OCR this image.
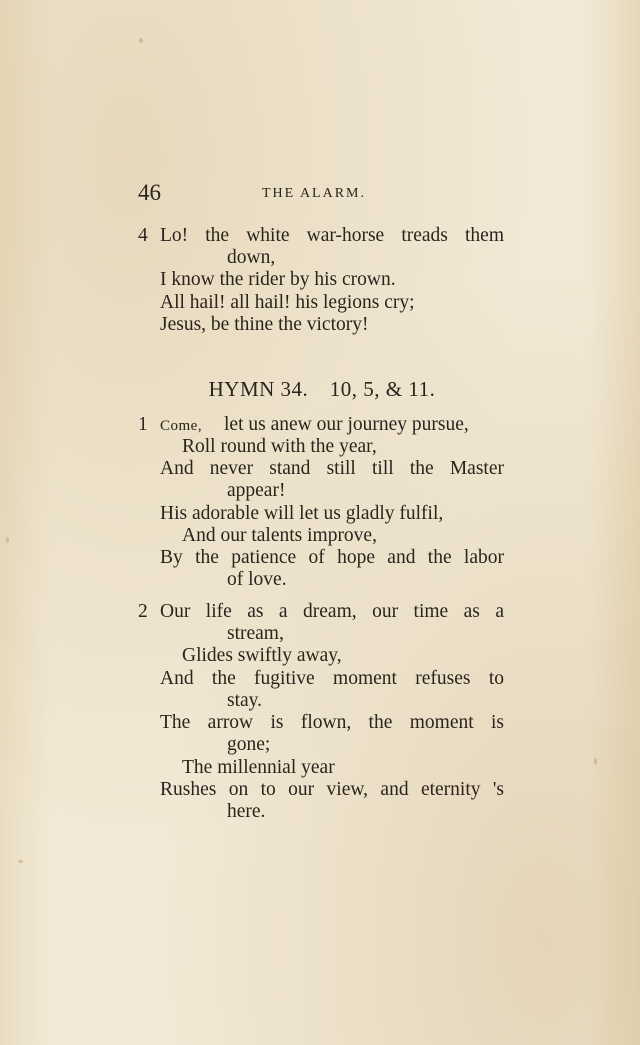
46	THE ALARM.
4 Lo! the white war-horse treads them
down,
I know the rider by his crown.
All hail! all hail! his legions cry;
Jesus, be thine the victory!
HYMN 34. 10, 5, & 11.
1 Come, let us anew our journey pursue,
Roll round with the year,
And never stand still till the Master
appear!
His adorable will let us gladly fulfil,
And our talents improve,
By the patience of hope and the labor
of love.
2 Our life as a dream, our time as a
stream,
Glides swiftly away,
And the fugitive moment refuses to
stay.
The arrow is flown, the moment is
gone;
The millennial year
Rushes on to our view, and eternity 's
here.
